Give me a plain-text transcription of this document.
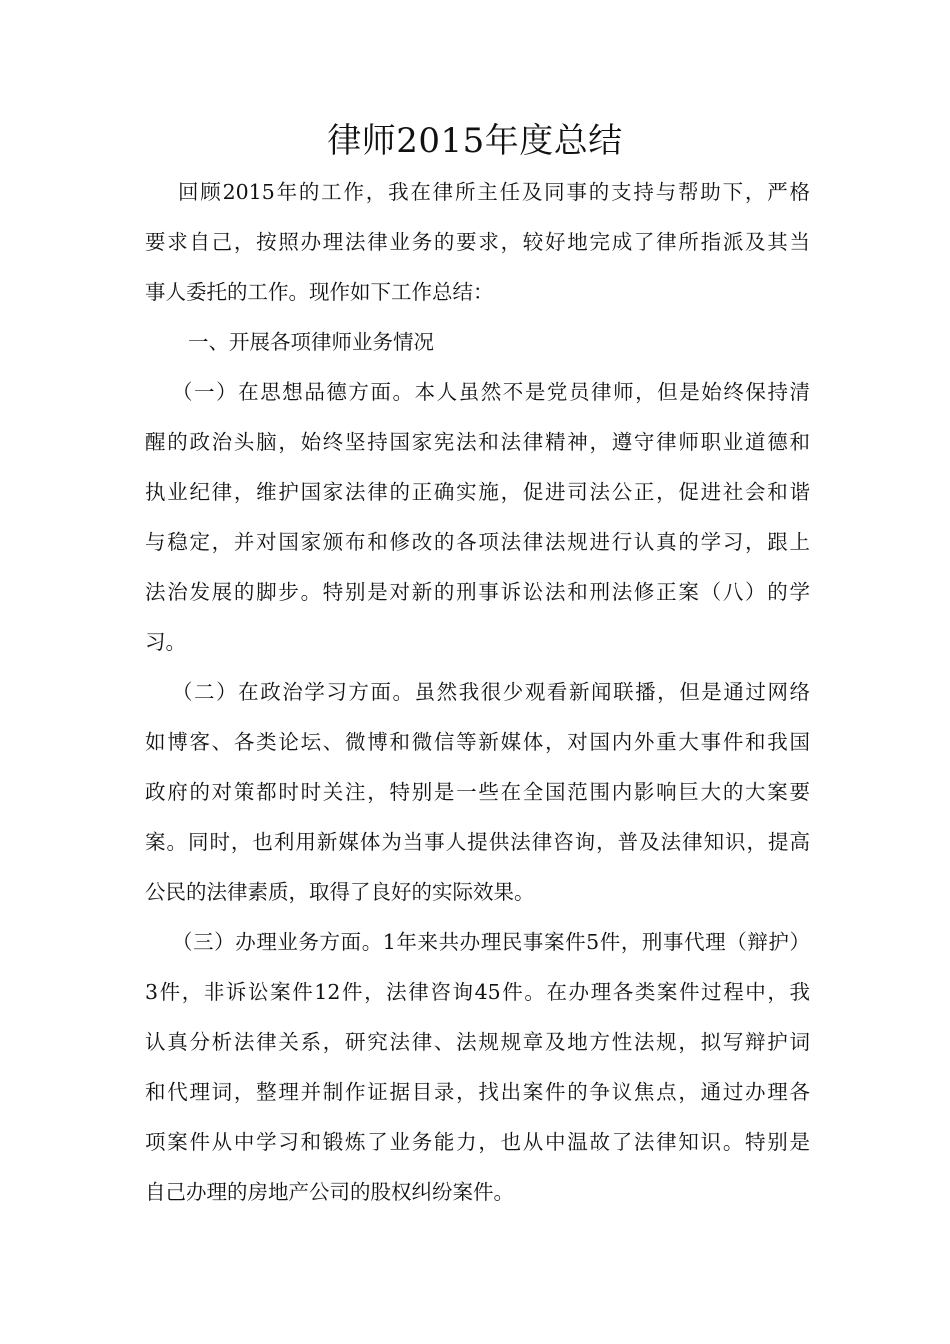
律师2015年度总结
回顾2015年的工作，我在律所主任及同事的支持与帮助下，严格
要求自己，按照办理法律业务的要求，较好地完成了律所指派及其当
事人委托的工作。现作如下工作总结：
一、开展各项律师业务情况
（一）在思想品德方面。本人虽然不是党员律师，但是始终保持清
醒的政治头脑，始终坚持国家宪法和法律精神，遵守律师职业道德和
执业纪律，维护国家法律的正确实施，促进司法公正，促进社会和谐
与稳定，并对国家颁布和修改的各项法律法规进行认真的学习，跟上
法治发展的脚步。特别是对新的刑事诉讼法和刑法修正案（八）的学
习。
（二）在政治学习方面。虽然我很少观看新闻联播，但是通过网络
如博客、各类论坛、微博和微信等新媒体，对国内外重大事件和我国
政府的对策都时时关注，特别是一些在全国范围内影响巨大的大案要
案。同时，也利用新媒体为当事人提供法律咨询，普及法律知识，提高
公民的法律素质，取得了良好的实际效果。
（三）办理业务方面。1年来共办理民事案件5件，刑事代理（辩护）
3件，非诉讼案件12件，法律咨询45件。在办理各类案件过程中，我
认真分析法律关系，研究法律、法规规章及地方性法规，拟写辩护词
和代理词，整理并制作证据目录，找出案件的争议焦点，通过办理各
项案件从中学习和锻炼了业务能力，也从中温故了法律知识。特别是
自己办理的房地产公司的股权纠纷案件。
